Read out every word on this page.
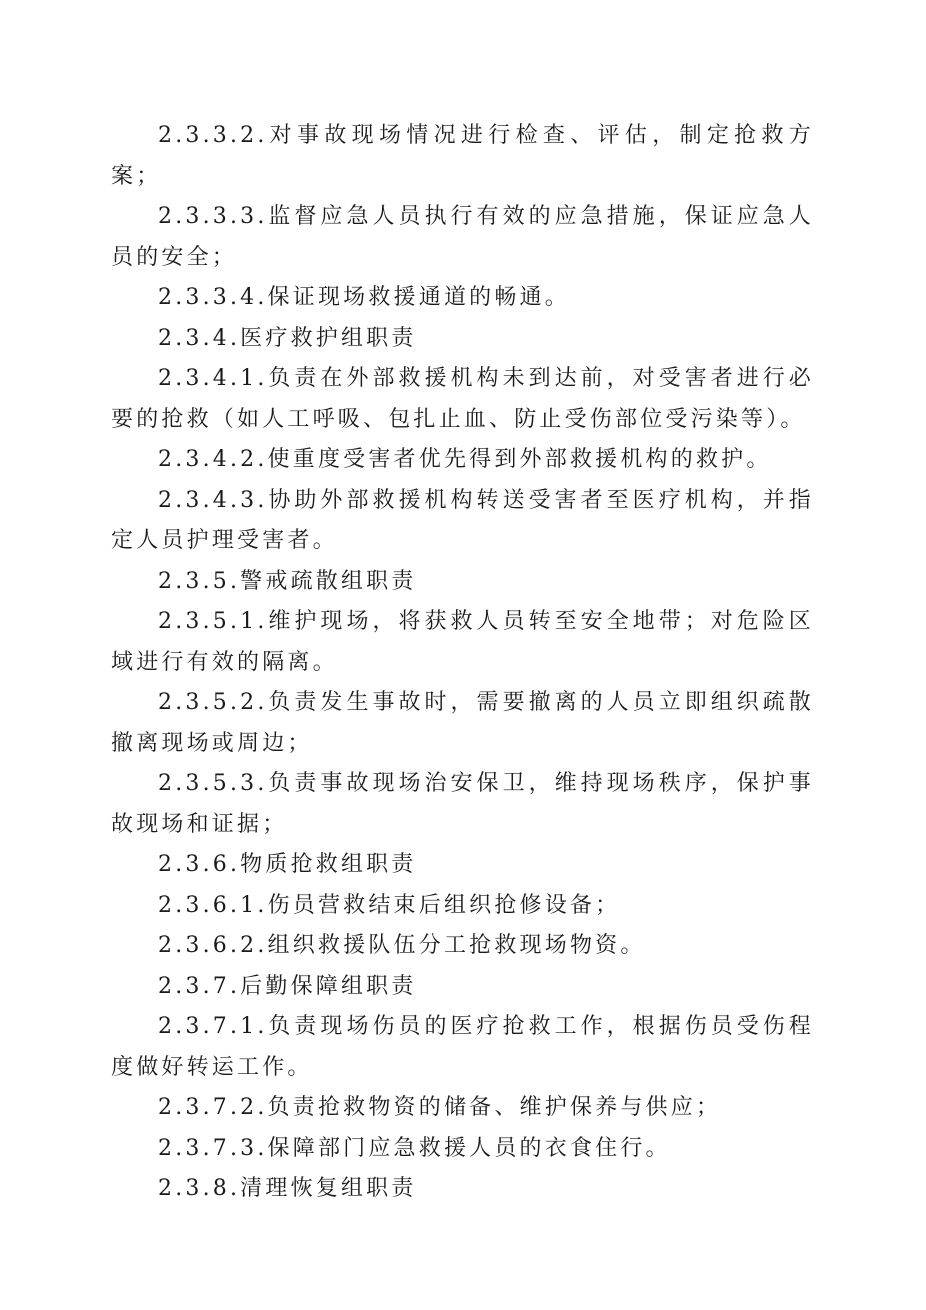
2.3.3.2.对事故现场情况进行检查、评估，制定抢救方案；

2.3.3.3.监督应急人员执行有效的应急措施，保证应急人员的安全；

2.3.3.4.保证现场救援通道的畅通。

2.3.4.医疗救护组职责

2.3.4.1.负责在外部救援机构未到达前，对受害者进行必要的抢救（如人工呼吸、包扎止血、防止受伤部位受污染等）。

2.3.4.2.使重度受害者优先得到外部救援机构的救护。

2.3.4.3.协助外部救援机构转送受害者至医疗机构，并指定人员护理受害者。

2.3.5.警戒疏散组职责

2.3.5.1.维护现场，将获救人员转至安全地带；对危险区域进行有效的隔离。

2.3.5.2.负责发生事故时，需要撤离的人员立即组织疏散撤离现场或周边；

2.3.5.3.负责事故现场治安保卫，维持现场秩序，保护事故现场和证据；

2.3.6.物质抢救组职责

2.3.6.1.伤员营救结束后组织抢修设备；

2.3.6.2.组织救援队伍分工抢救现场物资。

2.3.7.后勤保障组职责

2.3.7.1.负责现场伤员的医疗抢救工作，根据伤员受伤程度做好转运工作。

2.3.7.2.负责抢救物资的储备、维护保养与供应；

2.3.7.3.保障部门应急救援人员的衣食住行。

2.3.8.清理恢复组职责
